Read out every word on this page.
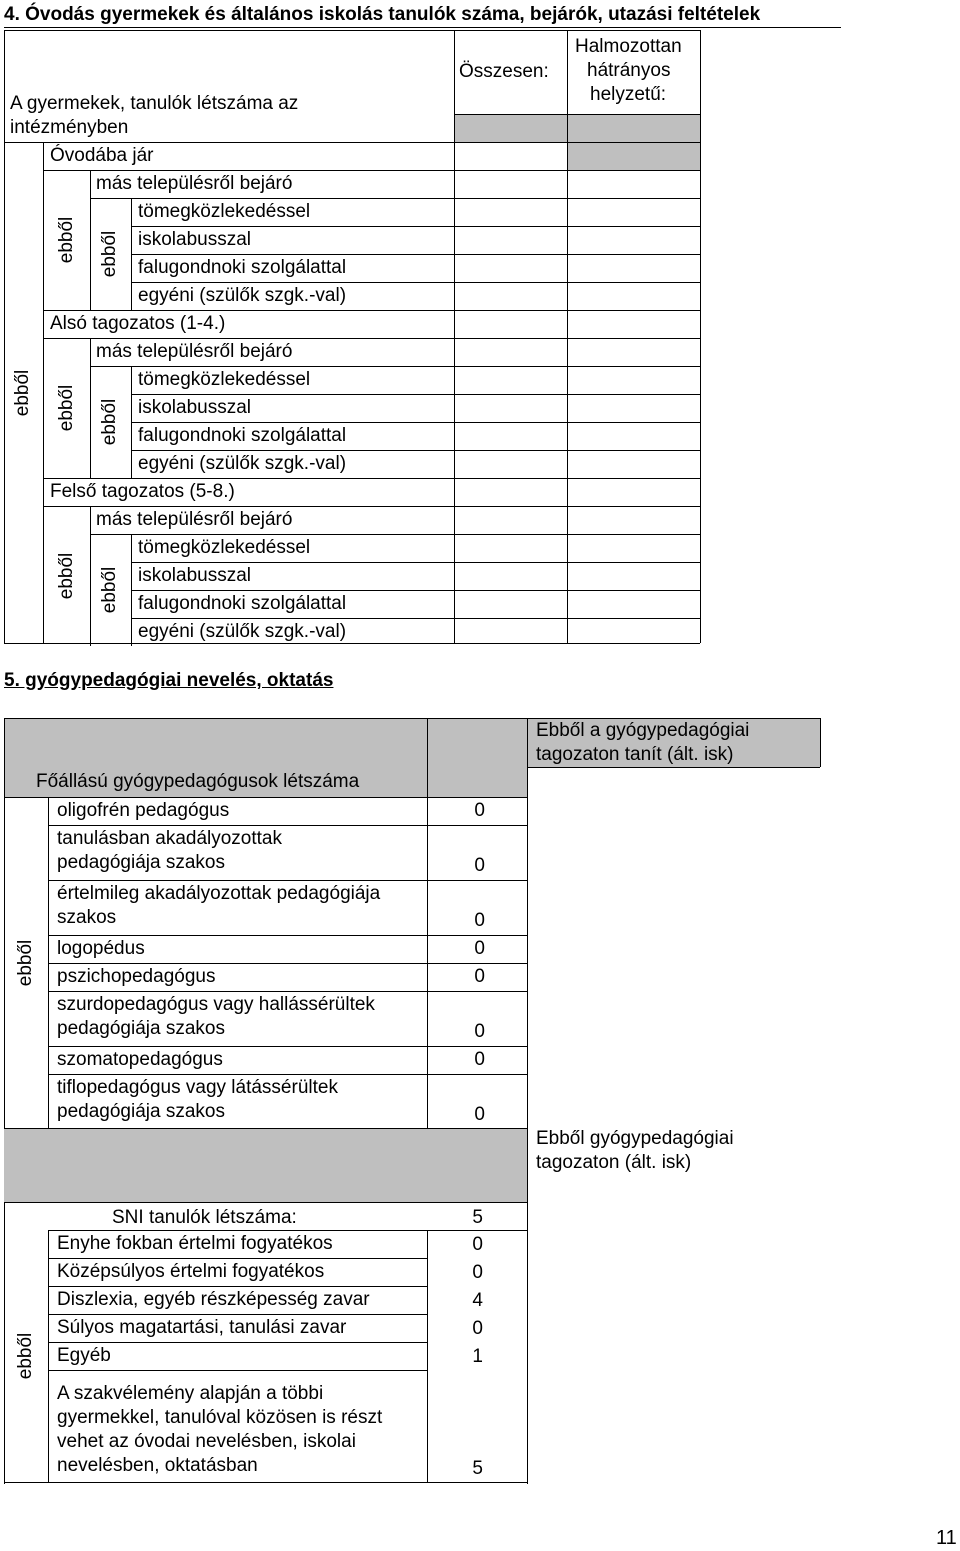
4. Óvodás gyermekek és általános iskolás tanulók száma, bejárók, utazási feltételek
Összesen:
Halmozottan
hátrányos
helyzetű:
A gyermekek, tanulók létszáma az
intézményben
ebből
Óvodába jár
más településről bejáró
ebből ebből
tömegközlekedéssel
iskolabusszal
falugondnoki szolgálattal
egyéni (szülők szgk.-val)
Alsó tagozatos (1-4.)
más településről bejáró
ebből ebből
tömegközlekedéssel
iskolabusszal
falugondnoki szolgálattal
egyéni (szülők szgk.-val)
Felső tagozatos (5-8.)
más településről bejáró
ebből ebből
tömegközlekedéssel
iskolabusszal
falugondnoki szolgálattal
egyéni (szülők szgk.-val)
5. gyógypedagógiai nevelés, oktatás
Ebből a gyógypedagógiai
tagozaton tanít (ált. isk)
Főállású gyógypedagógusok létszáma
ebből
oligofrén pedagógus	0
tanulásban akadályozottak
pedagógiája szakos	0
értelmileg akadályozottak pedagógiája
szakos	0
logopédus	0
pszichopedagógus	0
szurdopedagógus vagy hallássérültek
pedagógiája szakos	0
szomatopedagógus	0
tiflopedagógus vagy látássérültek
pedagógiája szakos	0
Ebből gyógypedagógiai
tagozaton (ált. isk)
SNI tanulók létszáma:	5
ebből
Enyhe fokban értelmi fogyatékos	0
Középsúlyos értelmi fogyatékos	0
Diszlexia, egyéb részképesség zavar	4
Súlyos magatartási, tanulási zavar	0
Egyéb	1
A szakvélemény alapján a többi
gyermekkel, tanulóval közösen is részt
vehet az óvodai nevelésben, iskolai
nevelésben, oktatásban	5
11
